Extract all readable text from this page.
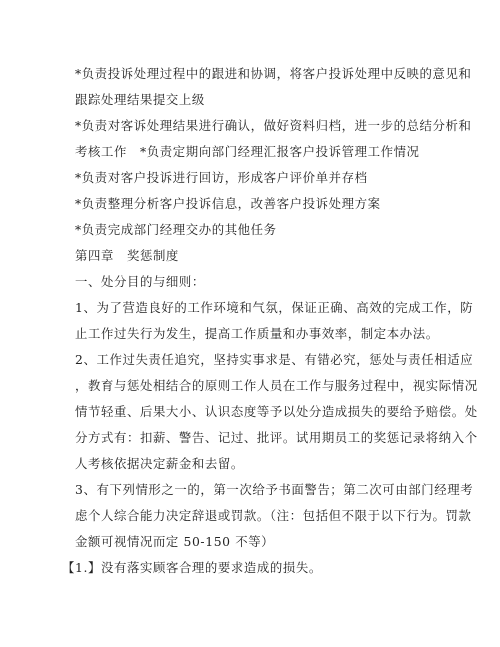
*负责投诉处理过程中的跟进和协调，将客户投诉处理中反映的意见和
跟踪处理结果提交上级
*负责对客诉处理结果进行确认，做好资料归档，进一步的总结分析和
考核工作　*负责定期向部门经理汇报客户投诉管理工作情况
*负责对客户投诉进行回访，形成客户评价单并存档
*负责整理分析客户投诉信息，改善客户投诉处理方案
*负责完成部门经理交办的其他任务
第四章　奖惩制度
一、处分目的与细则：
1、为了营造良好的工作环境和气氛，保证正确、高效的完成工作，防
止工作过失行为发生，提高工作质量和办事效率，制定本办法。
2、工作过失责任追究，坚持实事求是、有错必究，惩处与责任相适应
，教育与惩处相结合的原则工作人员在工作与服务过程中，视实际情况
情节轻重、后果大小、认识态度等予以处分造成损失的要给予赔偿。处
分方式有：扣薪、警告、记过、批评。试用期员工的奖惩记录将纳入个
人考核依据决定薪金和去留。
3、有下列情形之一的，第一次给予书面警告；第二次可由部门经理考
虑个人综合能力决定辞退或罚款。（注：包括但不限于以下行为。罚款
金额可视情况而定 50-150 不等）
【1.】没有落实顾客合理的要求造成的损失。
